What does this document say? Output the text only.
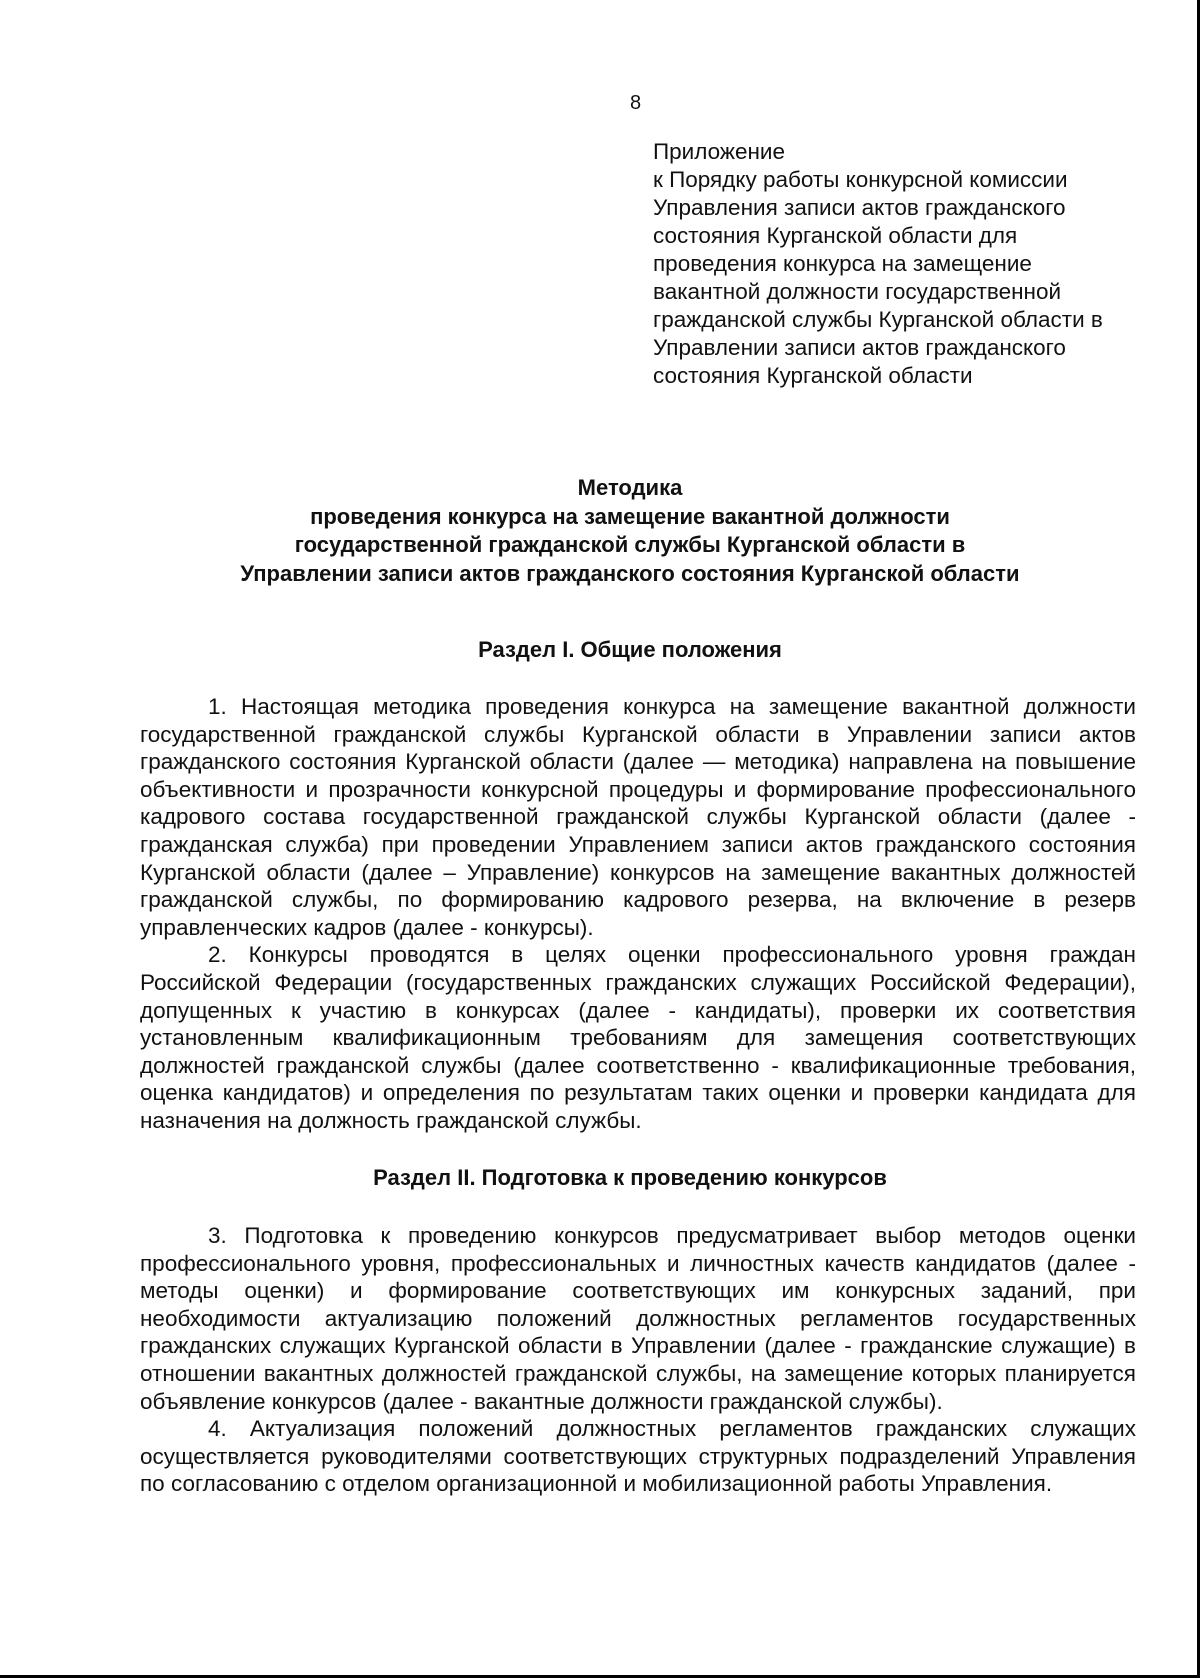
8
Приложение
к Порядку работы конкурсной комиссии
Управления записи актов гражданского
состояния Курганской области для
проведения конкурса на замещение
вакантной должности государственной
гражданской службы Курганской области в
Управлении записи актов гражданского
состояния Курганской области
Методика
проведения конкурса на замещение вакантной должности
государственной гражданской службы Курганской области в
Управлении записи актов гражданского состояния Курганской области
Раздел I. Общие положения

1. Настоящая методика проведения конкурса на замещение вакантной должности государственной гражданской службы Курганской области в Управлении записи актов гражданского состояния Курганской области (далее — методика) направлена на повышение объективности и прозрачности конкурсной процедуры и формирование профессионального кадрового состава государственной гражданской службы Курганской области (далее - гражданская служба) при проведении Управлением записи актов гражданского состояния Курганской области (далее – Управление) конкурсов на замещение вакантных должностей гражданской службы, по формированию кадрового резерва, на включение в резерв управленческих кадров (далее - конкурсы).

2. Конкурсы проводятся в целях оценки профессионального уровня граждан Российской Федерации (государственных гражданских служащих Российской Федерации), допущенных к участию в конкурсах (далее - кандидаты), проверки их соответствия установленным квалификационным требованиям для замещения соответствующих должностей гражданской службы (далее соответственно - квалификационные требования, оценка кандидатов) и определения по результатам таких оценки и проверки кандидата для назначения на должность гражданской службы.

Раздел II. Подготовка к проведению конкурсов

3. Подготовка к проведению конкурсов предусматривает выбор методов оценки профессионального уровня, профессиональных и личностных качеств кандидатов (далее - методы оценки) и формирование соответствующих им конкурсных заданий, при необходимости актуализацию положений должностных регламентов государственных гражданских служащих Курганской области в Управлении (далее - гражданские служащие) в отношении вакантных должностей гражданской службы, на замещение которых планируется объявление конкурсов (далее - вакантные должности гражданской службы).

4. Актуализация положений должностных регламентов гражданских служащих осуществляется руководителями соответствующих структурных подразделений Управления по согласованию с отделом организационной и мобилизационной работы Управления.
